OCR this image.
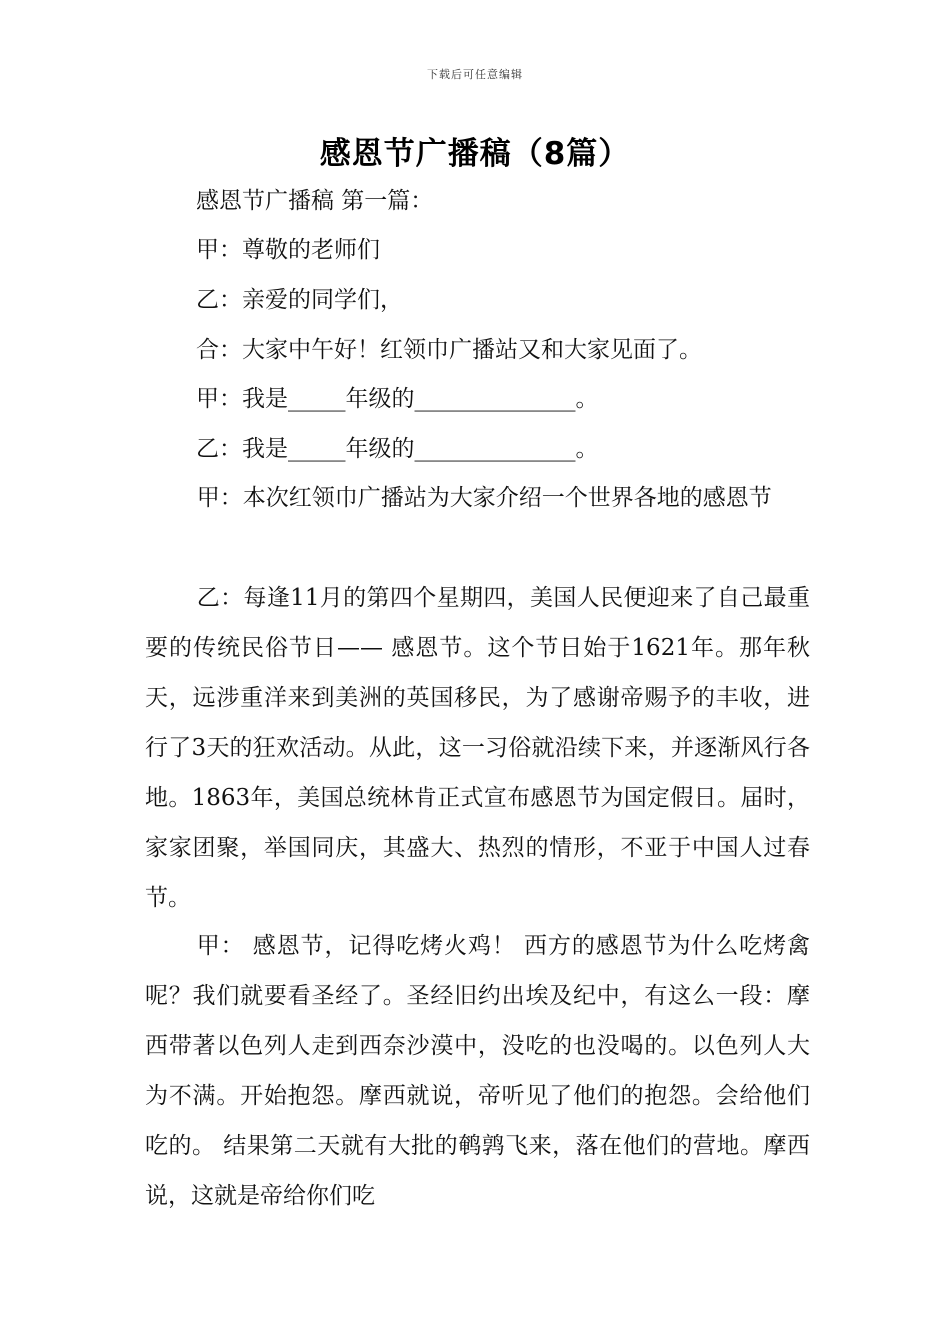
下载后可任意编辑
感恩节广播稿（8篇）
感恩节广播稿 第一篇：
甲：尊敬的老师们
乙：亲爱的同学们，
合：大家中午好！红领巾广播站又和大家见面了。
甲：我是_____年级的______________。
乙：我是_____年级的______________。

甲：本次红领巾广播站为大家介绍一个世界各地的感恩节

乙：每逢11月的第四个星期四，美国人民便迎来了自己最重要的传统民俗节日—— 感恩节。这个节日始于1621年。那年秋天，远涉重洋来到美洲的英国移民，为了感谢帝赐予的丰收，进行了3天的狂欢活动。从此，这一习俗就沿续下来，并逐渐风行各地。1863年，美国总统林肯正式宣布感恩节为国定假日。届时，家家团聚，举国同庆，其盛大、热烈的情形，不亚于中国人过春节。

甲： 感恩节，记得吃烤火鸡！ 西方的感恩节为什么吃烤禽呢？我们就要看圣经了。圣经旧约出埃及纪中，有这么一段：摩西带著以色列人走到西奈沙漠中，没吃的也没喝的。以色列人大为不满。开始抱怨。摩西就说，帝听见了他们的抱怨。会给他们吃的。 结果第二天就有大批的鹌鹑飞来，落在他们的营地。摩西说，这就是帝给你们吃
